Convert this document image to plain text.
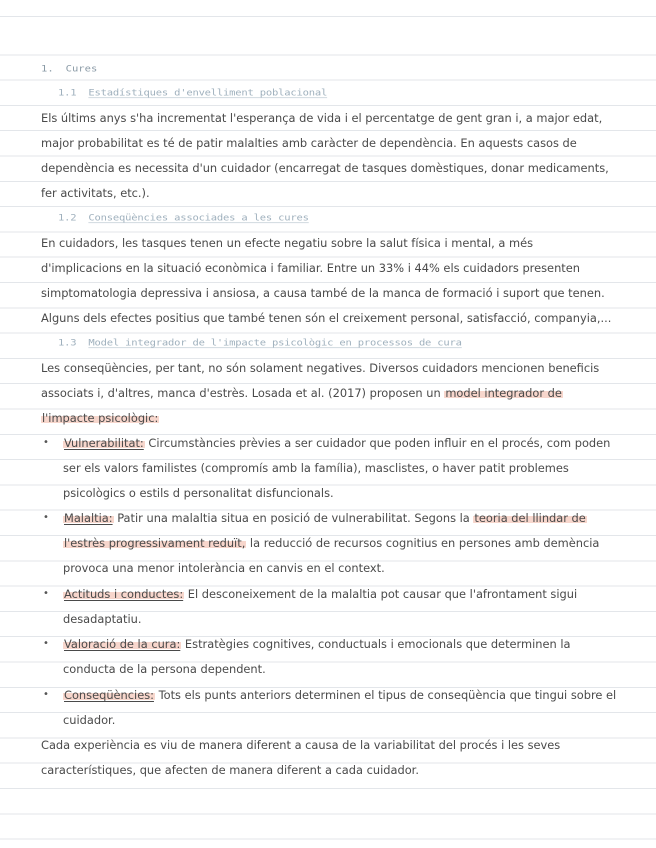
1. Cures
1.1 Estadístiques d'envelliment poblacional
Els últims anys s'ha incrementat l'esperança de vida i el percentatge de gent gran i, a major edat,
major probabilitat es té de patir malalties amb caràcter de dependència. En aquests casos de
dependència es necessita d'un cuidador (encarregat de tasques domèstiques, donar medicaments,
fer activitats, etc.).
1.2 Conseqüències associades a les cures
En cuidadors, les tasques tenen un efecte negatiu sobre la salut física i mental, a més
d'implicacions en la situació econòmica i familiar. Entre un 33% i 44% els cuidadors presenten
simptomatologia depressiva i ansiosa, a causa també de la manca de formació i suport que tenen.
Alguns dels efectes positius que també tenen són el creixement personal, satisfacció, companyia,...
1.3 Model integrador de l'impacte psicològic en processos de cura
Les conseqüències, per tant, no són solament negatives. Diversos cuidadors mencionen beneficis
associats i, d'altres, manca d'estrès. Losada et al. (2017) proposen un model integrador de
l'impacte psicològic:
• Vulnerabilitat: Circumstàncies prèvies a ser cuidador que poden influir en el procés, com poden
ser els valors familistes (compromís amb la família), masclistes, o haver patit problemes
psicològics o estils d personalitat disfuncionals.
• Malaltia: Patir una malaltia situa en posició de vulnerabilitat. Segons la teoria del llindar de
l'estrès progressivament reduït, la reducció de recursos cognitius en persones amb demència
provoca una menor intolerància en canvis en el context.
• Actituds i conductes: El desconeixement de la malaltia pot causar que l'afrontament sigui
desadaptatiu.
• Valoració de la cura: Estratègies cognitives, conductuals i emocionals que determinen la
conducta de la persona dependent.
• Conseqüències: Tots els punts anteriors determinen el tipus de conseqüència que tingui sobre el
cuidador.
Cada experiència es viu de manera diferent a causa de la variabilitat del procés i les seves
característiques, que afecten de manera diferent a cada cuidador.
